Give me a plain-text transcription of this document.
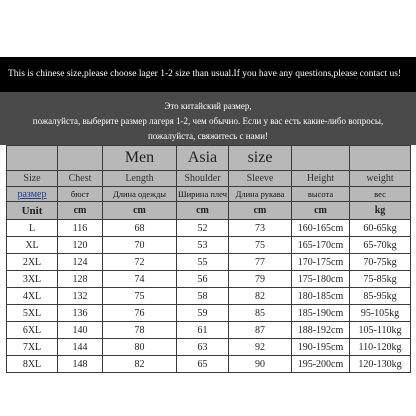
This is chinese size,please choose lager 1-2 size than usual.If you have any questions,please contact us!
Это китайский размер,
пожалуйста, выберите размер лагеря 1-2, чем обычно. Если у вас есть какие-либо вопросы,
пожалуйста, свяжитесь с нами!
		Men	Asia	size		
Size	Chest	Length	Shoulder	Sleeve	Height	weight
размер	бюст	Длина одежды	Ширина плеч	Длина рукава	высота	вес
Unit	cm	cm	cm	cm	cm	kg
L	116	68	52	73	160-165cm	60-65kg
XL	120	70	53	75	165-170cm	65-70kg
2XL	124	72	55	77	170-175cm	70-75kg
3XL	128	74	56	79	175-180cm	75-85kg
4XL	132	75	58	82	180-185cm	85-95kg
5XL	136	76	59	85	185-190cm	95-105kg
6XL	140	78	61	87	188-192cm	105-110kg
7XL	144	80	63	92	190-195cm	110-120kg
8XL	148	82	65	90	195-200cm	120-130kg
